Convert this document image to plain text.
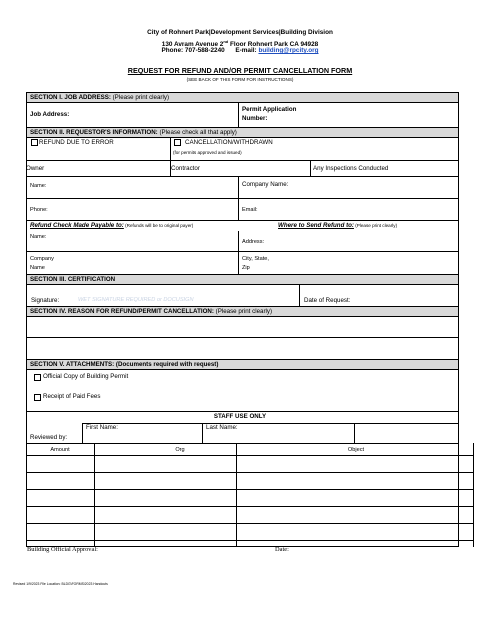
City of Rohnert Park|Development Services|Building Division
130 Avram Avenue 2nd Floor Rohnert Park CA 94928
Phone: 707-588-2240 E-mail: building@rpcity.org
REQUEST FOR REFUND AND/OR PERMIT CANCELLATION FORM
(SEE BACK OF THIS FORM FOR INSTRUCTIONS)
SECTION I. JOB ADDRESS: (Please print clearly)
Job Address:
Permit Application
Number:
SECTION II. REQUESTOR'S INFORMATION: (Please check all that apply)
REFUND DUE TO ERROR	CANCELLATION/WITHDRAWN
(for permits approved and issued)
Owner	Contractor	Any Inspections Conducted
Name:	Company Name:
Phone:	Email:
Refund Check Made Payable to: (Refunds will be to original payer)	Where to Send Refund to: (Please print clearly)
Name:
Address:
Company
Name
City, State,
Zip
SECTION III. CERTIFICATION
Signature:	WET SIGNATURE REQUIRED or DOCUSIGN	Date of Request:
SECTION IV. REASON FOR REFUND/PERMIT CANCELLATION: (Please print clearly)
SECTION V. ATTACHMENTS: (Documents required with request)
Official Copy of Building Permit
Receipt of Paid Fees
STAFF USE ONLY
Reviewed by:
First Name:	Last Name:
Amount	Org	Object
Building Official Approval:	Date:
Revised 1/9/2023 File Location: BLDG\FORMS\2023 Handouts
